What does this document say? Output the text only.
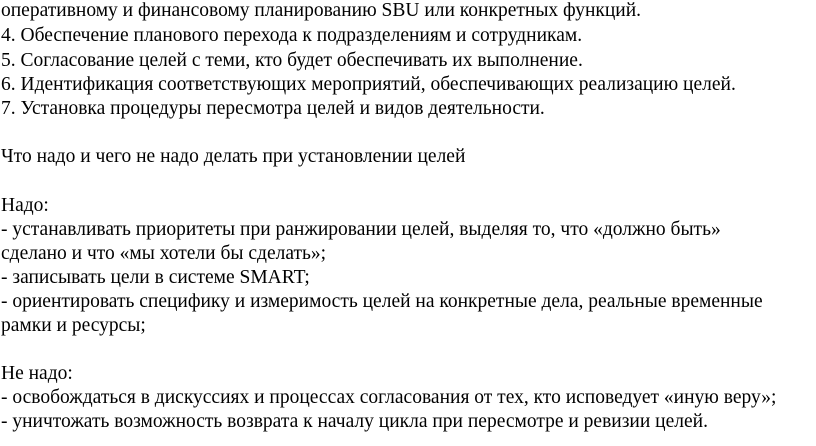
оперативному и финансовому планированию SBU или конкретных функций.
4. Обеспечение планового перехода к подразделениям и сотрудникам.
5. Согласование целей с теми, кто будет обеспечивать их выполнение.
6. Идентификация соответствующих мероприятий, обеспечивающих реализацию целей.
7. Установка процедуры пересмотра целей и видов деятельности.
Что надо и чего не надо делать при установлении целей
Надо:
- устанавливать приоритеты при ранжировании целей, выделяя то, что «должно быть»
сделано и что «мы хотели бы сделать»;
- записывать цели в системе SMART;
- ориентировать специфику и измеримость целей на конкретные дела, реальные временные
рамки и ресурсы;
Не надо:
- освобождаться в дискуссиях и процессах согласования от тех, кто исповедует «иную веру»;
- уничтожать возможность возврата к началу цикла при пересмотре и ревизии целей.
